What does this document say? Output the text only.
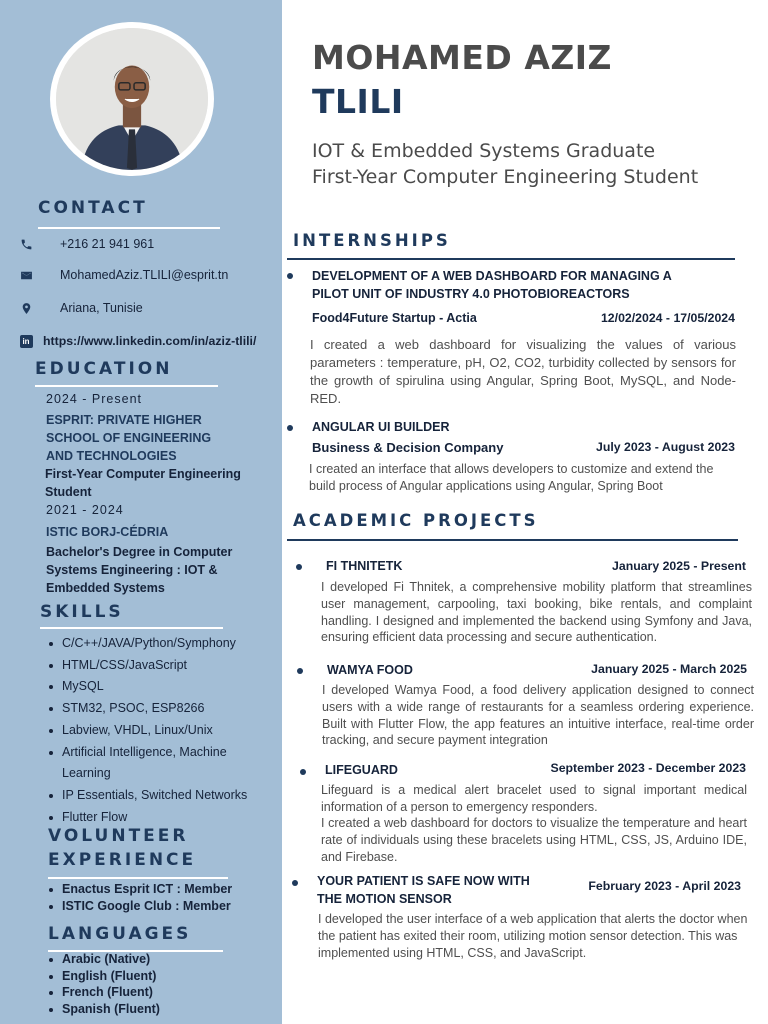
CONTACT
+216 21 941 961
MohamedAziz.TLILI@esprit.tn
Ariana, Tunisie
in https://www.linkedin.com/in/aziz-tlili/
EDUCATION
2024 - Present
ESPRIT: PRIVATE HIGHER
SCHOOL OF ENGINEERING
AND TECHNOLOGIES
First-Year Computer Engineering
Student
2021 - 2024
ISTIC BORJ-CÉDRIA
Bachelor's Degree in Computer
Systems Engineering : IOT &
Embedded Systems
SKILLS
C/C++/JAVA/Python/Symphony
HTML/CSS/JavaScript
MySQL
STM32, PSOC, ESP8266
Labview, VHDL, Linux/Unix
Artificial Intelligence, Machine
Learning
IP Essentials, Switched Networks
Flutter Flow
VOLUNTEER
EXPERIENCE
Enactus Esprit ICT : Member
ISTIC Google Club : Member
LANGUAGES
Arabic (Native)
English (Fluent)
French (Fluent)
Spanish (Fluent)
MOHAMED AZIZ
TLILI
IOT & Embedded Systems Graduate
First-Year Computer Engineering Student
INTERNSHIPS
DEVELOPMENT OF A WEB DASHBOARD FOR MANAGING A
PILOT UNIT OF INDUSTRY 4.0 PHOTOBIOREACTORS
Food4Future Startup - Actia	12/02/2024 - 17/05/2024
I created a web dashboard for visualizing the values of various parameters : temperature, pH, O2, CO2, turbidity collected by sensors for the growth of spirulina using Angular, Spring Boot, MySQL, and Node-RED.
ANGULAR UI BUILDER
Business & Decision Company	July 2023 - August 2023
I created an interface that allows developers to customize and extend the build process of Angular applications using Angular, Spring Boot
ACADEMIC PROJECTS
FI THNITETK	January 2025 - Present
I developed Fi Thnitek, a comprehensive mobility platform that streamlines user management, carpooling, taxi booking, bike rentals, and complaint handling. I designed and implemented the backend using Symfony and Java, ensuring efficient data processing and secure authentication.
WAMYA FOOD	January 2025 - March 2025
I developed Wamya Food, a food delivery application designed to connect users with a wide range of restaurants for a seamless ordering experience. Built with Flutter Flow, the app features an intuitive interface, real-time order tracking, and secure payment integration
LIFEGUARD	September 2023 - December 2023
Lifeguard is a medical alert bracelet used to signal important medical information of a person to emergency responders.
I created a web dashboard for doctors to visualize the temperature and heart rate of individuals using these bracelets using HTML, CSS, JS, Arduino IDE, and Firebase.
YOUR PATIENT IS SAFE NOW WITH
THE MOTION SENSOR
February 2023 - April 2023
I developed the user interface of a web application that alerts the doctor when the patient has exited their room, utilizing motion sensor detection. This was implemented using HTML, CSS, and JavaScript.
